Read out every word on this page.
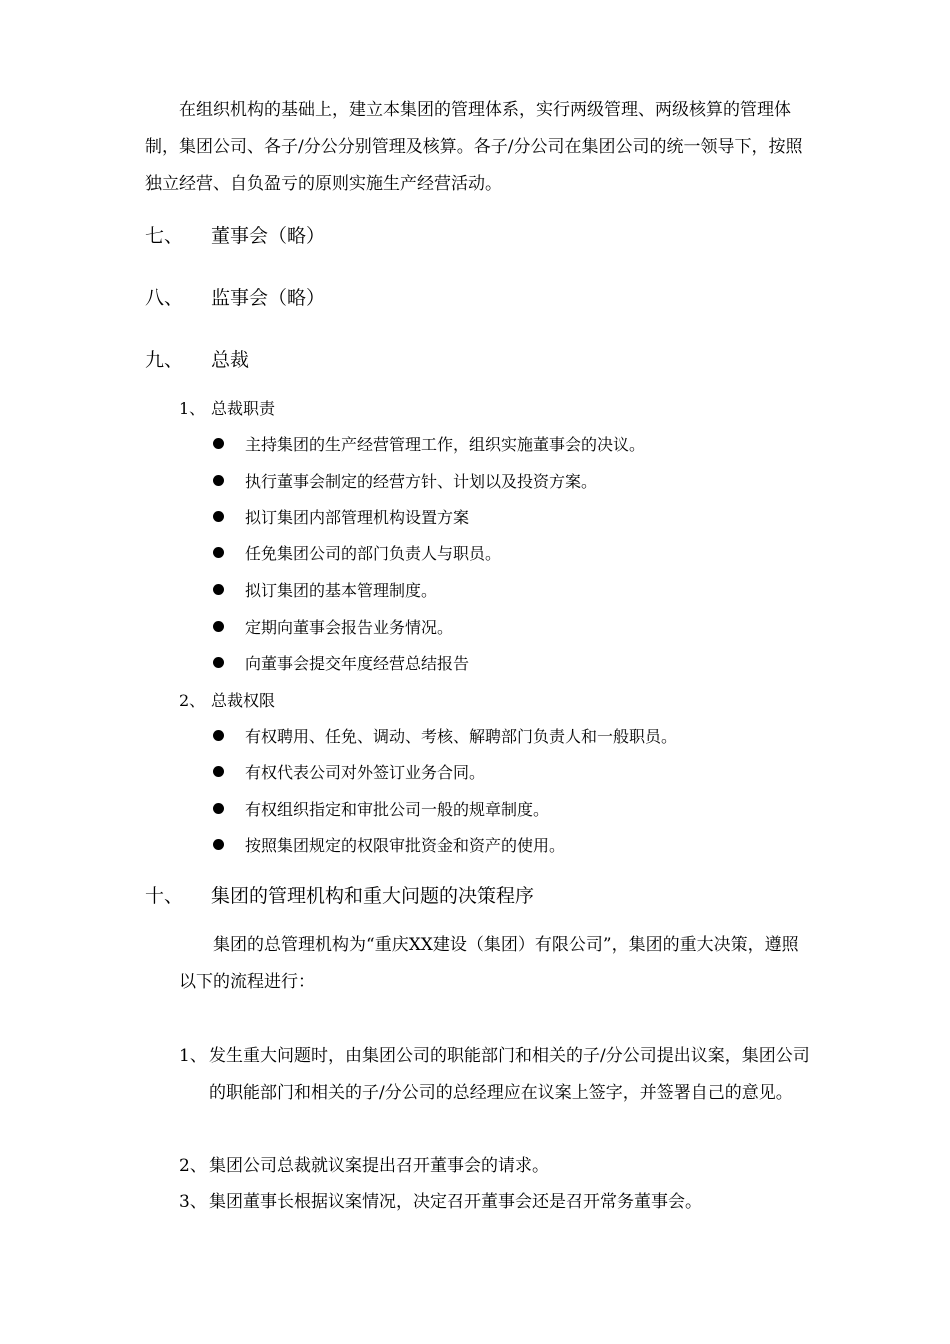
在组织机构的基础上，建立本集团的管理体系，实行两级管理、两级核算的管理体制，集团公司、各子/分公分别管理及核算。各子/分公司在集团公司的统一领导下，按照独立经营、自负盈亏的原则实施生产经营活动。

七、 董事会（略）
八、 监事会（略）
九、 总裁
1、 总裁职责
主持集团的生产经营管理工作，组织实施董事会的决议。
执行董事会制定的经营方针、计划以及投资方案。
拟订集团内部管理机构设置方案
任免集团公司的部门负责人与职员。
拟订集团的基本管理制度。
定期向董事会报告业务情况。
向董事会提交年度经营总结报告
2、 总裁权限
有权聘用、任免、调动、考核、解聘部门负责人和一般职员。
有权代表公司对外签订业务合同。
有权组织指定和审批公司一般的规章制度。
按照集团规定的权限审批资金和资产的使用。
十、 集团的管理机构和重大问题的决策程序

集团的总管理机构为“重庆XX建设（集团）有限公司”，集团的重大决策，遵照以下的流程进行：

1、 发生重大问题时，由集团公司的职能部门和相关的子/分公司提出议案，集团公司的职能部门和相关的子/分公司的总经理应在议案上签字，并签署自己的意见。
2、 集团公司总裁就议案提出召开董事会的请求。
3、 集团董事长根据议案情况，决定召开董事会还是召开常务董事会。
